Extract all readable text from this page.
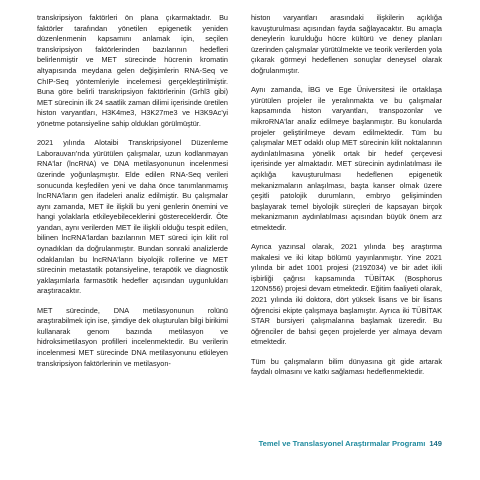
transkripsiyon faktörleri ön plana çıkarmaktadır. Bu faktörler tarafından yönetilen epigenetik yeniden düzenlenmenin kapsamını anlamak için, seçilen transkripsiyon faktörlerinden bazılarının hedefleri belirlenmiştir ve MET sürecinde hücrenin kromatin altyapısında meydana gelen değişimlerin RNA-Seq ve ChIP-Seq yöntemleriyle incelemesi gerçekleştirilmiştir. Buna göre belirli transkripsiyon faktörlerinin (Grhl3 gibi) MET sürecinin ilk 24 saatlik zaman dilimi içerisinde üretilen histon varyantları, H3K4me3, H3K27me3 ve H3K9Ac'yi yönetme potansiyeline sahip oldukları görülmüştür.

2021 yılında Alotaibi Transkripsiyonel Düzenleme Laborauvarı'nda yürütülen çalışmalar, uzun kodlanmayan RNA'lar (lncRNA) ve DNA metilasyonunun incelenmesi üzerinde yoğunlaşmıştır. Elde edilen RNA-Seq verileri sonucunda keşfedilen yeni ve daha önce tanımlanmamış lncRNA'ların gen ifadeleri analiz edilmiştir. Bu çalışmalar aynı zamanda, MET ile ilişkili bu yeni genlerin önemini ve hangi yolaklarla etkileyebileceklerini göstereceklerdir. Öte yandan, aynı verilerden MET ile ilişkili olduğu tespit edilen, bilinen lncRNA'lardan bazılarının MET süreci için kilit rol oynadıkları da doğrulanmıştır. Bundan sonraki analizlerde odaklanılan bu lncRNA'ların biyolojik rollerine ve MET sürecinin metastatik potansiyeline, terapötik ve diagnostik yaklaşımlarla farmasötik hedefler açısından uygunlukları araştıracaktır.

MET sürecinde, DNA metilasyonunun rolünü araştırabilmek için ise, şimdiye dek oluşturulan bilgi birikimi kullanarak genom bazında metilasyon ve hidroksimetilasyon profilleri incelenmektedir. Bu verilerin incelenmesi MET sürecinde DNA metilasyonunu etkileyen transkripsiyon faktörlerinin ve metilasyon-

histon varyantları arasındaki ilişkilerin açıklığa kavuşturulması açısından fayda sağlayacaktır. Bu amaçla deneylerin kurulduğu hücre kültürü ve deney planları üzerinden çalışmalar yürütülmekte ve teorik verilerden yola çıkarak görmeyi hedeflenen sonuçlar deneysel olarak doğrulanmıştır.

Aynı zamanda, İBG ve Ege Üniversitesi ile ortaklaşa yürütülen projeler ile yeralınmakta ve bu çalışmalar kapsamında histon varyantları, transpozonlar ve mikroRNA'lar analiz edilmeye başlanmıştır. Bu konularda projeler geliştirilmeye devam edilmektedir. Tüm bu çalışmalar MET odaklı olup MET sürecinin kilit noktalarının aydınlatılmasına yönelik ortak bir hedef çerçevesi içerisinde yer almaktadır. MET sürecinin aydınlatılması ile açıklığa kavuşturulması hedeflenen epigenetik mekanizmaların anlaşılması, başta kanser olmak üzere çeşitli patolojik durumların, embryo gelişiminden başlayarak temel biyolojik süreçleri de kapsayan birçok mekanizmanın aydınlatılması açısından büyük önem arz etmektedir.

Ayrıca yazınsal olarak, 2021 yılında beş araştırma makalesi ve iki kitap bölümü yayınlanmıştır. Yine 2021 yılında bir adet 1001 projesi (219Z034) ve bir adet ikili işbirliği çağrısı kapsamında TÜBİTAK (Bosphorus 120N556) projesi devam etmektedir. Eğitim faaliyeti olarak, 2021 yılında iki doktora, dört yüksek lisans ve bir lisans öğrencisi ekipte çalışmaya başlamıştır. Ayrıca iki TÜBİTAK STAR bursiyeri çalışmalarına başlamak üzeredir. Bu öğrenciler de bahsi geçen projelerde yer almaya devam etmektedir.

Tüm bu çalışmaların bilim dünyasına git gide artarak faydalı olmasını ve katkı sağlaması hedeflenmektedir.

Temel ve Translasyonel Araştırmalar Programı 149
